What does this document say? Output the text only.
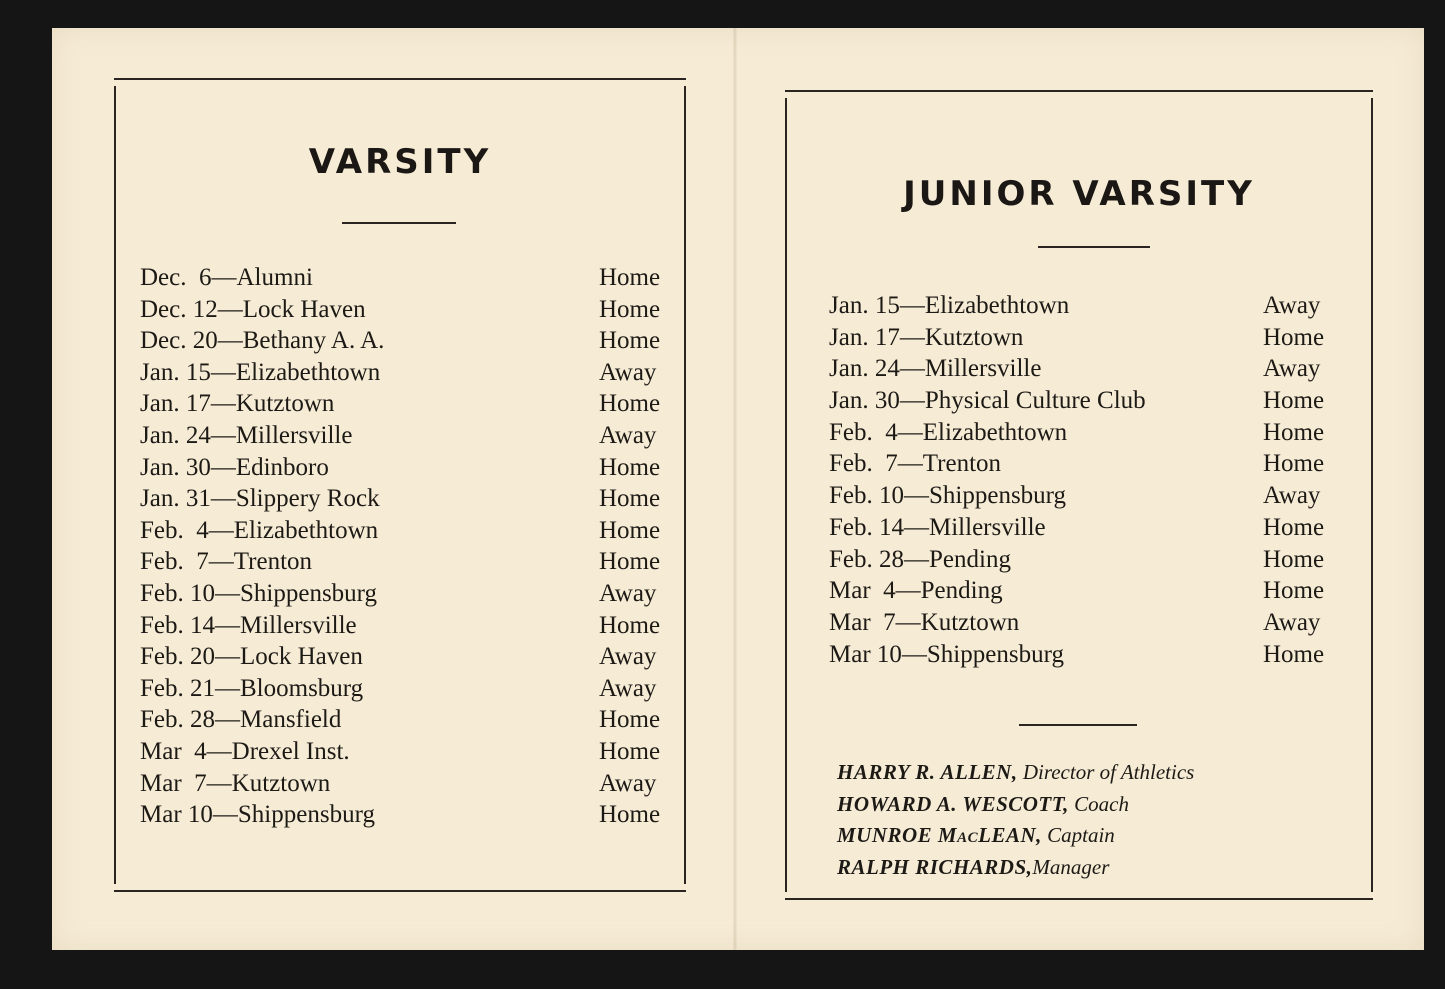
VARSITY
Dec.  6—Alumni	Home
Dec. 12—Lock Haven	Home
Dec. 20—Bethany A. A.	Home
Jan. 15—Elizabethtown	Away
Jan. 17—Kutztown	Home
Jan. 24—Millersville	Away
Jan. 30—Edinboro	Home
Jan. 31—Slippery Rock	Home
Feb.  4—Elizabethtown	Home
Feb.  7—Trenton	Home
Feb. 10—Shippensburg	Away
Feb. 14—Millersville	Home
Feb. 20—Lock Haven	Away
Feb. 21—Bloomsburg	Away
Feb. 28—Mansfield	Home
Mar  4—Drexel Inst.	Home
Mar  7—Kutztown	Away
Mar 10—Shippensburg	Home
JUNIOR VARSITY
Jan. 15—Elizabethtown	Away
Jan. 17—Kutztown	Home
Jan. 24—Millersville	Away
Jan. 30—Physical Culture Club	Home
Feb.  4—Elizabethtown	Home
Feb.  7—Trenton	Home
Feb. 10—Shippensburg	Away
Feb. 14—Millersville	Home
Feb. 28—Pending	Home
Mar  4—Pending	Home
Mar  7—Kutztown	Away
Mar 10—Shippensburg	Home
HARRY R. ALLEN, Director of Athletics
HOWARD A. WESCOTT, Coach
MUNROE MacLEAN, Captain
RALPH RICHARDS,Manager
